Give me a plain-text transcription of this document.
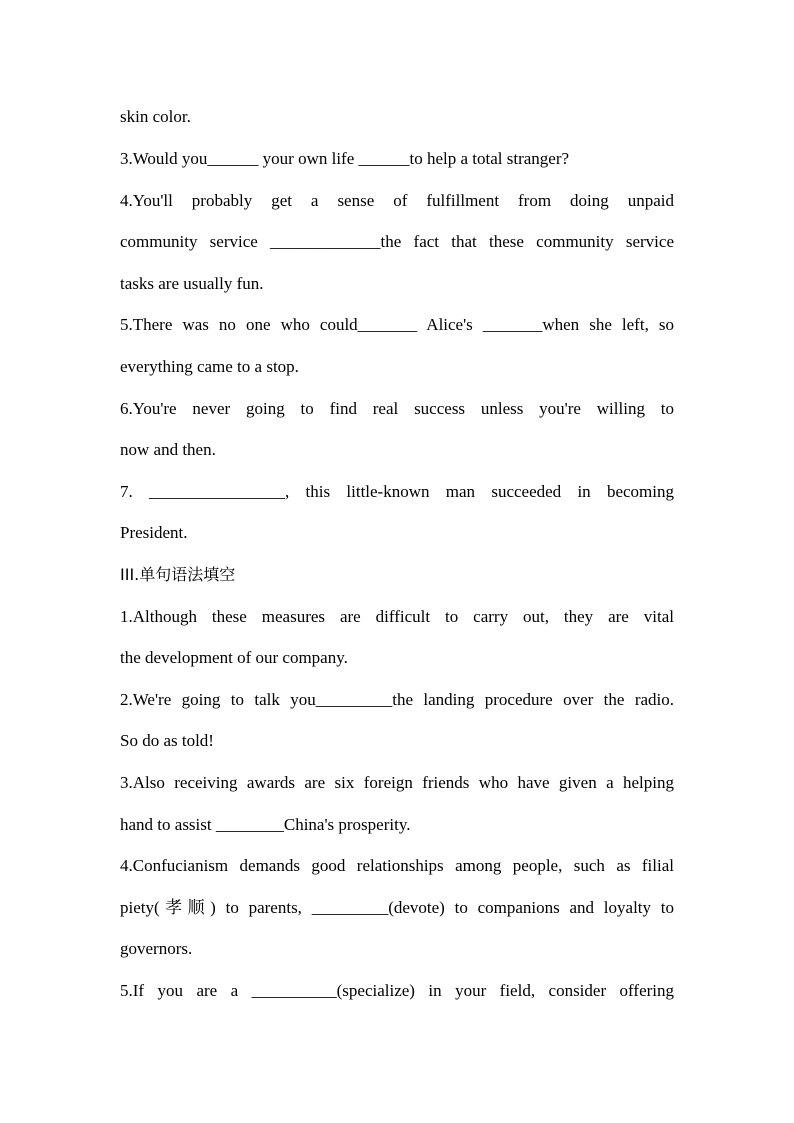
skin color.
3.Would you______ your own life ______to help a total stranger?
4.You'll probably get a sense of fulfillment from doing unpaid
community service _____________the fact that these community service
tasks are usually fun.
5.There was no one who could_______ Alice's _______when she left, so
everything came to a stop.
6.You're never going to find real success unless you're willing to
now and then.
7. ________________, this little-known man succeeded in becoming
President.
III.单句语法填空
1.Although these measures are difficult to carry out, they are vital
the development of our company.
2.We're going to talk you_________the landing procedure over the radio.
So do as told!
3.Also receiving awards are six foreign friends who have given a helping
hand to assist ________China's prosperity.
4.Confucianism demands good relationships among people, such as filial
piety(孝顺) to parents, _________(devote) to companions and loyalty to
governors.
5.If you are a __________(specialize) in your field, consider offering
